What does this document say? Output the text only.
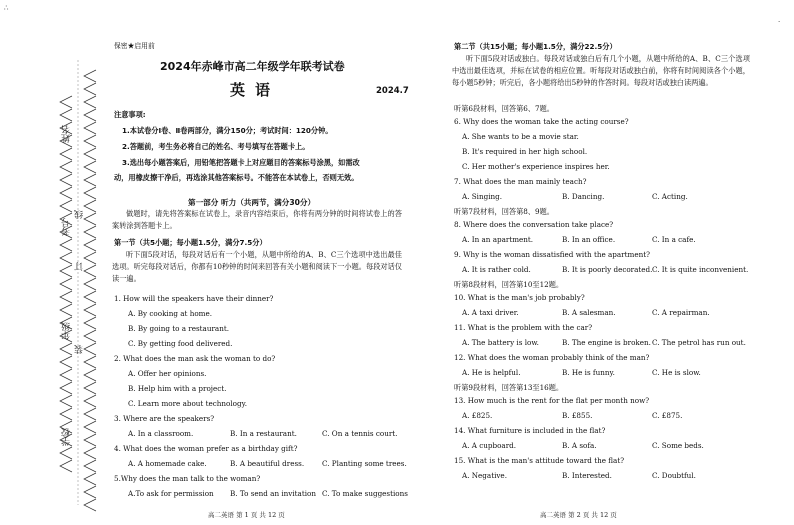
∴
·
姓名
考号
线
订
装
年级
学校
保密★启用前
2024年赤峰市高二年级学年联考试卷
英语	2024.7
注意事项:
1.本试卷分Ⅰ卷、Ⅱ卷两部分，满分150分；考试时间：120分钟。
2.答题前，考生务必将自己的姓名、考号填写在答题卡上。
3.选出每小题答案后，用铅笔把答题卡上对应题目的答案标号涂黑，如需改
动，用橡皮擦干净后，再选涂其他答案标号。不能答在本试卷上，否则无效。
第一部分 听力（共两节，满分30分）
做题时，请先将答案标在试卷上，录音内容结束后，你将有两分钟的时间将试卷上的答案转涂到答题卡上。
第一节（共5小题；每小题1.5分，满分7.5分）
听下面5段对话，每段对话后有一个小题，从题中所给的A、B、C三个选项中选出最佳选项。听完每段对话后，你都有10秒钟的时间来回答有关小题和阅读下一小题。每段对话仅读一遍。
1. How will the speakers have their dinner?
A. By cooking at home.
B. By going to a restaurant.
C. By getting food delivered.
2. What does the man ask the woman to do?
A. Offer her opinions.
B. Help him with a project.
C. Learn more about technology.
3. Where are the speakers?
A. In a classroom.	B. In a restaurant.	C. On a tennis court.
4. What does the woman prefer as a birthday gift?
A. A homemade cake.	B. A beautiful dress. C. Planting some trees.
5.Why does the man talk to the woman?
A.To ask for permission B. To send an invitation C. To make suggestions
高二英语 第 1 页 共 12 页
第二节（共15小题；每小题1.5分，满分22.5分）
听下面5段对话或独白。每段对话或独白后有几个小题，从题中所给的A、B、C三个选项中选出最佳选项，并标在试卷的相应位置。听每段对话或独白前，你将有时间阅读各个小题，每小题5秒钟；听完后，各小题将给出5秒钟的作答时间。每段对话或独白读两遍。
听第6段材料，回答第6、7题。
6. Why does the woman take the acting course?
A. She wants to be a movie star.
B. It's required in her high school.
C. Her mother's experience inspires her.
7. What does the man mainly teach?
A. Singing.	B. Dancing.	C. Acting.
听第7段材料，回答第8、9题。
8. Where does the conversation take place?
A. In an apartment.	B. In an office.	C. In a cafe.
9. Why is the woman dissatisfied with the apartment?
A. It is rather cold.	B. It is poorly decorated. C. It is quite inconvenient.
听第8段材料，回答第10至12题。
10. What is the man's job probably?
A. A taxi driver.	B. A salesman.	C. A repairman.
11. What is the problem with the car?
A. The battery is low.	B. The engine is broken. C. The petrol has run out.
12. What does the woman probably think of the man?
A. He is helpful.	B. He is funny.	C. He is slow.
听第9段材料，回答第13至16题。
13. How much is the rent for the flat per month now?
A. £825.	B. £855.	C. £875.
14. What furniture is included in the flat?
A. A cupboard.	B. A sofa.	C. Some beds.
15. What is the man's attitude toward the flat?
A. Negative.	B. Interested.	C. Doubtful.
高二英语 第 2 页 共 12 页
